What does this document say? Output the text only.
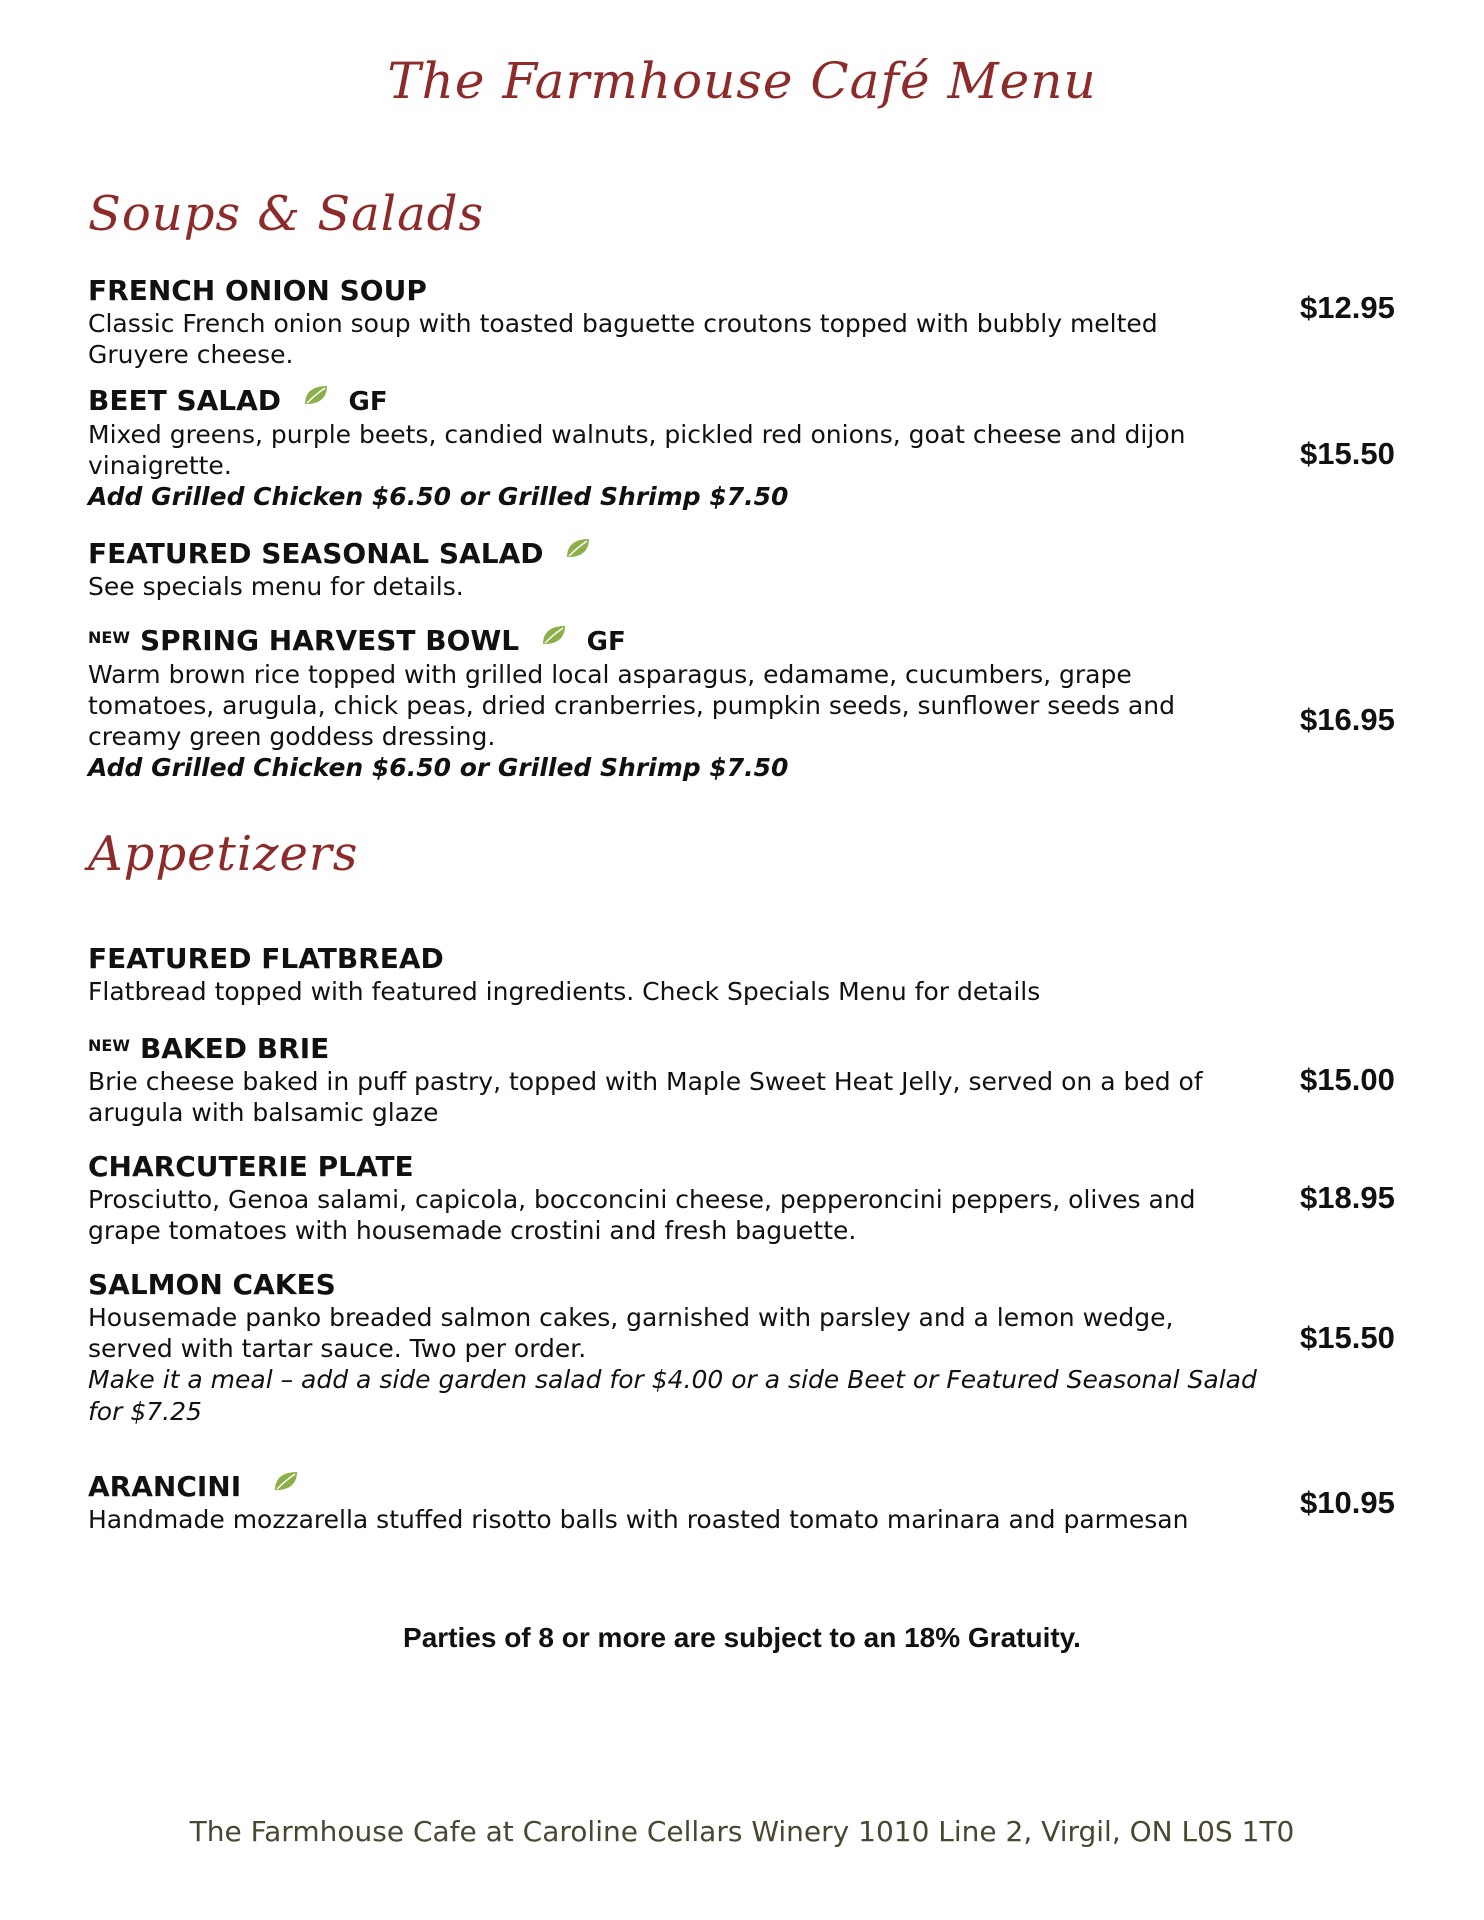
The Farmhouse Café Menu
Soups & Salads
FRENCH ONION SOUP
Classic French onion soup with toasted baguette croutons topped with bubbly melted
Gruyere cheese.
$12.95
BEET SALAD	GF
Mixed greens, purple beets, candied walnuts, pickled red onions, goat cheese and dijon
vinaigrette.
Add Grilled Chicken $6.50 or Grilled Shrimp $7.50
$15.50
FEATURED SEASONAL SALAD
See specials menu for details.
$^{NEW}$ SPRING HARVEST BOWL	GF
Warm brown rice topped with grilled local asparagus, edamame, cucumbers, grape
tomatoes, arugula, chick peas, dried cranberries, pumpkin seeds, sunflower seeds and
creamy green goddess dressing.
Add Grilled Chicken $6.50 or Grilled Shrimp $7.50
$16.95
Appetizers
FEATURED FLATBREAD
Flatbread topped with featured ingredients. Check Specials Menu for details
$^{NEW}$ BAKED BRIE
Brie cheese baked in puff pastry, topped with Maple Sweet Heat Jelly, served on a bed of
arugula with balsamic glaze
$15.00
CHARCUTERIE PLATE
Prosciutto, Genoa salami, capicola, bocconcini cheese, pepperoncini peppers, olives and
grape tomatoes with housemade crostini and fresh baguette.
$18.95
SALMON CAKES
Housemade panko breaded salmon cakes, garnished with parsley and a lemon wedge,
served with tartar sauce. Two per order.
Make it a meal – add a side garden salad for $4.00 or a side Beet or Featured Seasonal Salad for $7.25
$15.50
ARANCINI
Handmade mozzarella stuffed risotto balls with roasted tomato marinara and parmesan	$10.95
Parties of 8 or more are subject to an 18% Gratuity.
The Farmhouse Cafe at Caroline Cellars Winery 1010 Line 2, Virgil, ON L0S 1T0
